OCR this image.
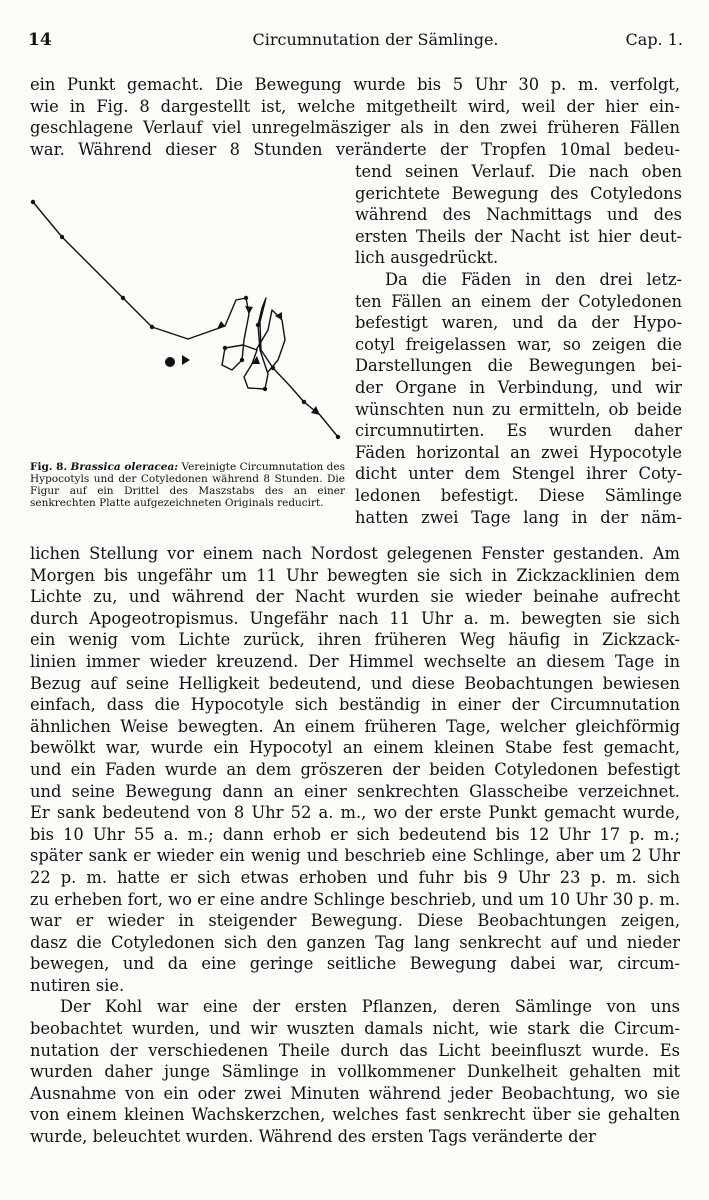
14	Circumnutation der Sämlinge.	Cap. 1.
ein Punkt gemacht. Die Bewegung wurde bis 5 Uhr 30 p. m. verfolgt,
wie in Fig. 8 dargestellt ist, welche mitgetheilt wird, weil der hier ein-
geschlagene Verlauf viel unregelmäsziger als in den zwei früheren Fällen
war. Während dieser 8 Stunden veränderte der Tropfen 10mal bedeu-
tend seinen Verlauf. Die nach oben
gerichtete Bewegung des Cotyledons
während des Nachmittags und des
ersten Theils der Nacht ist hier deut-
lich ausgedrückt.
Da die Fäden in den drei letz-
ten Fällen an einem der Cotyledonen
befestigt waren, und da der Hypo-
cotyl freigelassen war, so zeigen die
Darstellungen die Bewegungen bei-
der Organe in Verbindung, und wir
wünschten nun zu ermitteln, ob beide
circumnutirten. Es wurden daher
Fäden horizontal an zwei Hypocotyle
dicht unter dem Stengel ihrer Coty-
ledonen befestigt. Diese Sämlinge
hatten zwei Tage lang in der näm-
Fig. 8. Brassica oleracea: Vereinigte Circumnutation des Hypocotyls und der Cotyledonen während 8 Stunden. Die Figur auf ein Drittel des Maszstabs des an einer senkrechten Platte aufgezeichneten Originals reducirt.
lichen Stellung vor einem nach Nordost gelegenen Fenster gestanden. Am
Morgen bis ungefähr um 11 Uhr bewegten sie sich in Zickzacklinien dem
Lichte zu, und während der Nacht wurden sie wieder beinahe aufrecht
durch Apogeotropismus. Ungefähr nach 11 Uhr a. m. bewegten sie sich
ein wenig vom Lichte zurück, ihren früheren Weg häufig in Zickzack-
linien immer wieder kreuzend. Der Himmel wechselte an diesem Tage in
Bezug auf seine Helligkeit bedeutend, und diese Beobachtungen bewiesen
einfach, dass die Hypocotyle sich beständig in einer der Circumnutation
ähnlichen Weise bewegten. An einem früheren Tage, welcher gleichförmig
bewölkt war, wurde ein Hypocotyl an einem kleinen Stabe fest gemacht,
und ein Faden wurde an dem gröszeren der beiden Cotyledonen befestigt
und seine Bewegung dann an einer senkrechten Glasscheibe verzeichnet.
Er sank bedeutend von 8 Uhr 52 a. m., wo der erste Punkt gemacht wurde,
bis 10 Uhr 55 a. m.; dann erhob er sich bedeutend bis 12 Uhr 17 p. m.;
später sank er wieder ein wenig und beschrieb eine Schlinge, aber um 2 Uhr
22 p. m. hatte er sich etwas erhoben und fuhr bis 9 Uhr 23 p. m. sich
zu erheben fort, wo er eine andre Schlinge beschrieb, und um 10 Uhr 30 p. m.
war er wieder in steigender Bewegung. Diese Beobachtungen zeigen,
dasz die Cotyledonen sich den ganzen Tag lang senkrecht auf und nieder
bewegen, und da eine geringe seitliche Bewegung dabei war, circum-
nutiren sie.
Der Kohl war eine der ersten Pflanzen, deren Sämlinge von uns
beobachtet wurden, und wir wuszten damals nicht, wie stark die Circum-
nutation der verschiedenen Theile durch das Licht beeinfluszt wurde. Es
wurden daher junge Sämlinge in vollkommener Dunkelheit gehalten mit
Ausnahme von ein oder zwei Minuten während jeder Beobachtung, wo sie
von einem kleinen Wachskerzchen, welches fast senkrecht über sie gehalten
wurde, beleuchtet wurden. Während des ersten Tags veränderte der
